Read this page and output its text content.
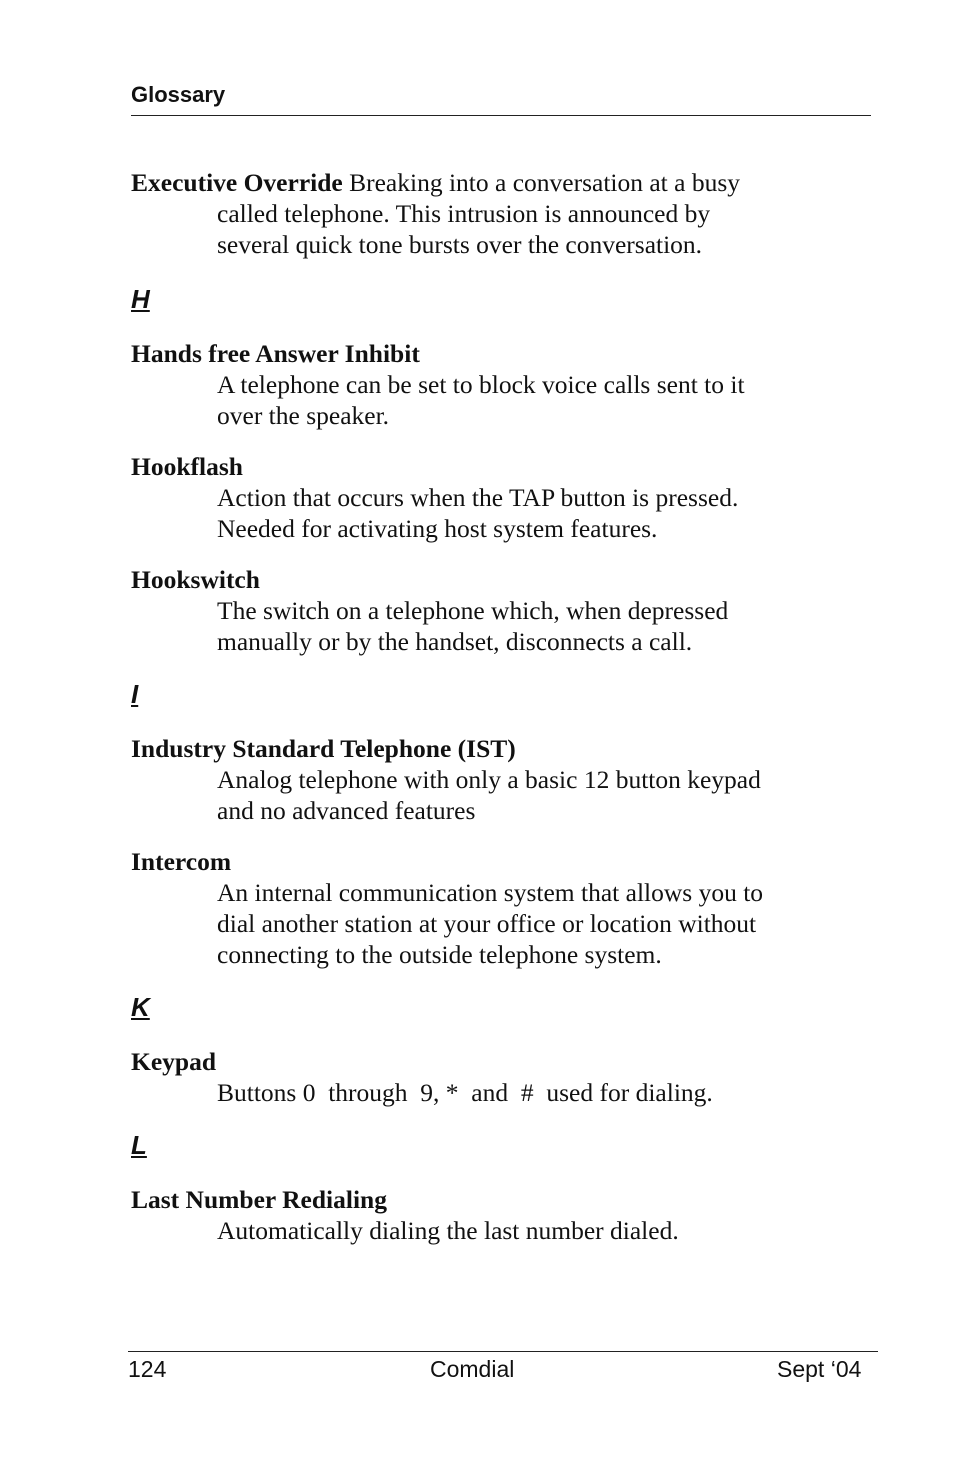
Glossary
Executive Override Breaking into a conversation at a busy
called telephone. This intrusion is announced by
several quick tone bursts over the conversation.
H
Hands free Answer Inhibit
A telephone can be set to block voice calls sent to it
over the speaker.
Hookflash
Action that occurs when the TAP button is pressed.
Needed for activating host system features.
Hookswitch
The switch on a telephone which, when depressed
manually or by the handset, disconnects a call.
I
Industry Standard Telephone (IST)
Analog telephone with only a basic 12 button keypad
and no advanced features
Intercom
An internal communication system that allows you to
dial another station at your office or location without
connecting to the outside telephone system.
K
Keypad
Buttons 0  through  9, *  and  #  used for dialing.
L
Last Number Redialing
Automatically dialing the last number dialed.
124	Comdial	Sept ‘04
